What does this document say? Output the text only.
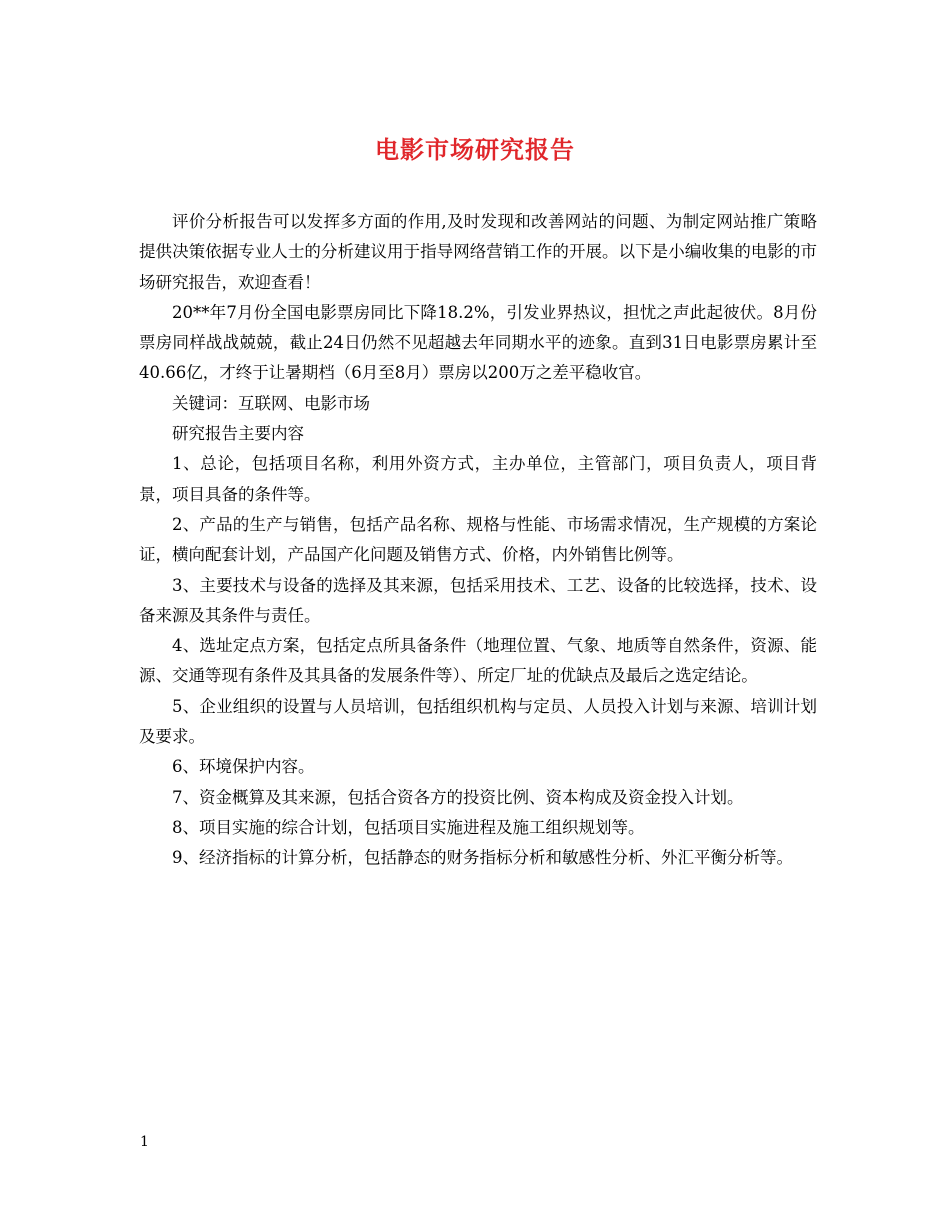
电影市场研究报告

评价分析报告可以发挥多方面的作用,及时发现和改善网站的问题、为制定网站推广策略提供决策依据专业人士的分析建议用于指导网络营销工作的开展。以下是小编收集的电影的市场研究报告，欢迎查看！

20**年7月份全国电影票房同比下降18.2%，引发业界热议，担忧之声此起彼伏。8月份票房同样战战兢兢，截止24日仍然不见超越去年同期水平的迹象。直到31日电影票房累计至40.66亿，才终于让暑期档（6月至8月）票房以200万之差平稳收官。

关键词：互联网、电影市场

研究报告主要内容

1、总论，包括项目名称，利用外资方式，主办单位，主管部门，项目负责人，项目背景，项目具备的条件等。

2、产品的生产与销售，包括产品名称、规格与性能、市场需求情况，生产规模的方案论证，横向配套计划，产品国产化问题及销售方式、价格，内外销售比例等。

3、主要技术与设备的选择及其来源，包括采用技术、工艺、设备的比较选择，技术、设备来源及其条件与责任。

4、选址定点方案，包括定点所具备条件（地理位置、气象、地质等自然条件，资源、能源、交通等现有条件及其具备的发展条件等）、所定厂址的优缺点及最后之选定结论。

5、企业组织的设置与人员培训，包括组织机构与定员、人员投入计划与来源、培训计划及要求。

6、环境保护内容。

7、资金概算及其来源，包括合资各方的投资比例、资本构成及资金投入计划。

8、项目实施的综合计划，包括项目实施进程及施工组织规划等。

9、经济指标的计算分析，包括静态的财务指标分析和敏感性分析、外汇平衡分析等。

1
